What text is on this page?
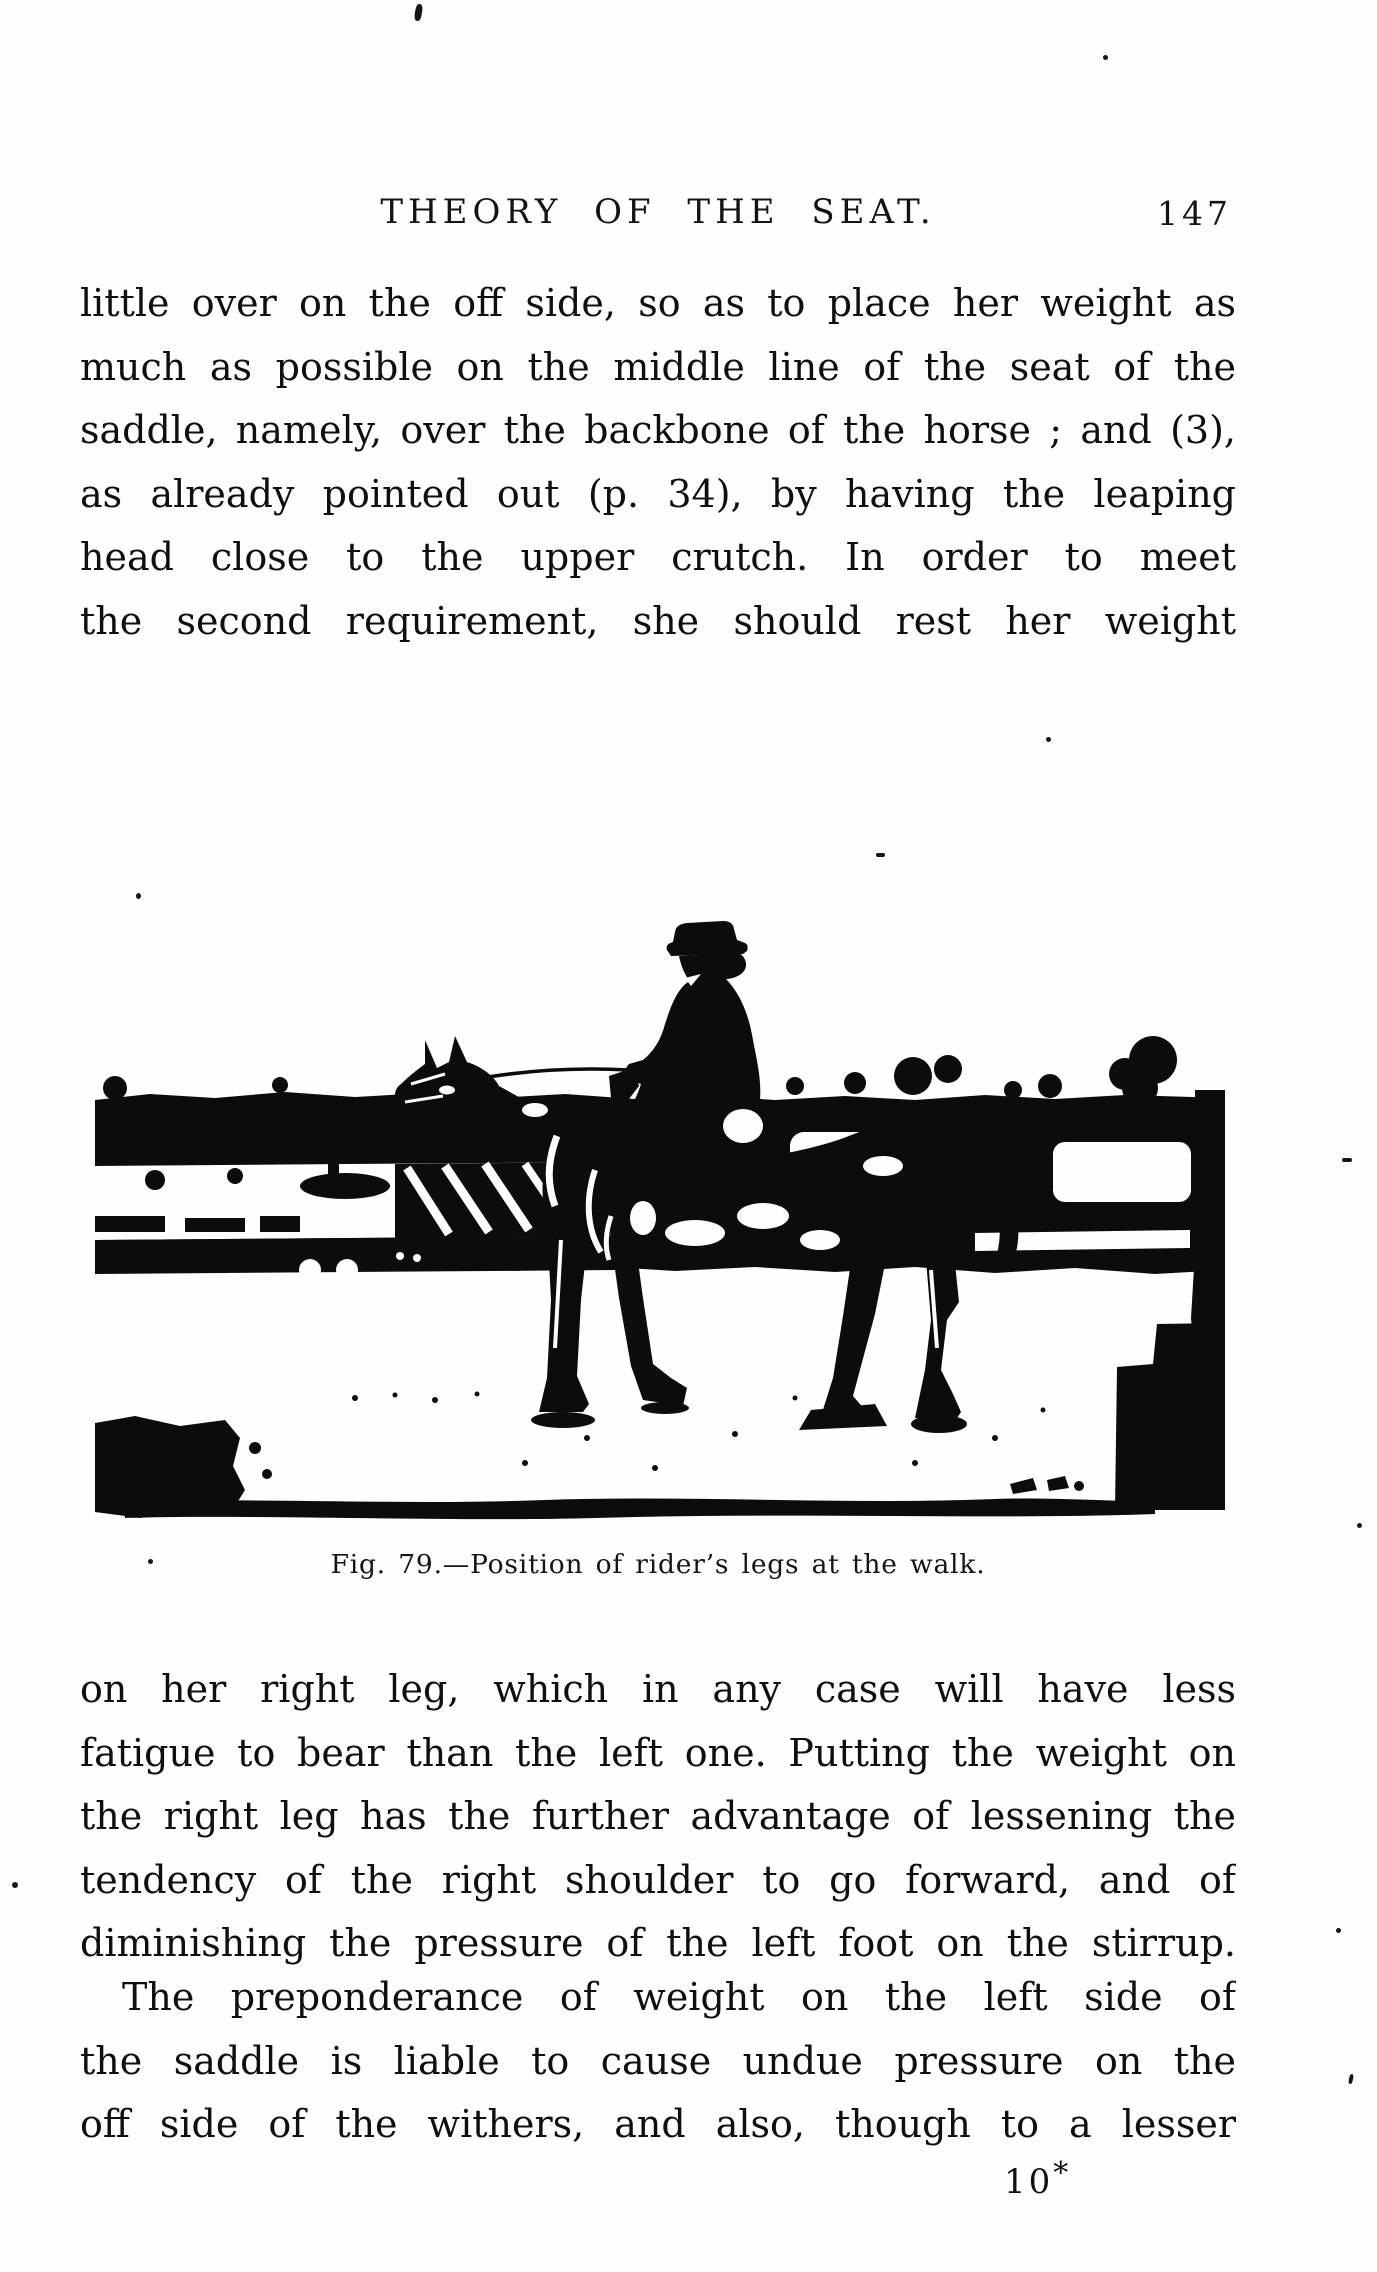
THEORY OF THE SEAT.	147
little over on the off side, so as to place her weight as
much as possible on the middle line of the seat of the
saddle, namely, over the backbone of the horse ; and (3),
as already pointed out (p. 34), by having the leaping
head close to the upper crutch. In order to meet
the second requirement, she should rest her weight
Fig. 79.—Position of rider’s legs at the walk.
on her right leg, which in any case will have less
fatigue to bear than the left one. Putting the weight on
the right leg has the further advantage of lessening the
tendency of the right shoulder to go forward, and of
diminishing the pressure of the left foot on the stirrup.
The preponderance of weight on the left side of
the saddle is liable to cause undue pressure on the
off side of the withers, and also, though to a lesser
10*
